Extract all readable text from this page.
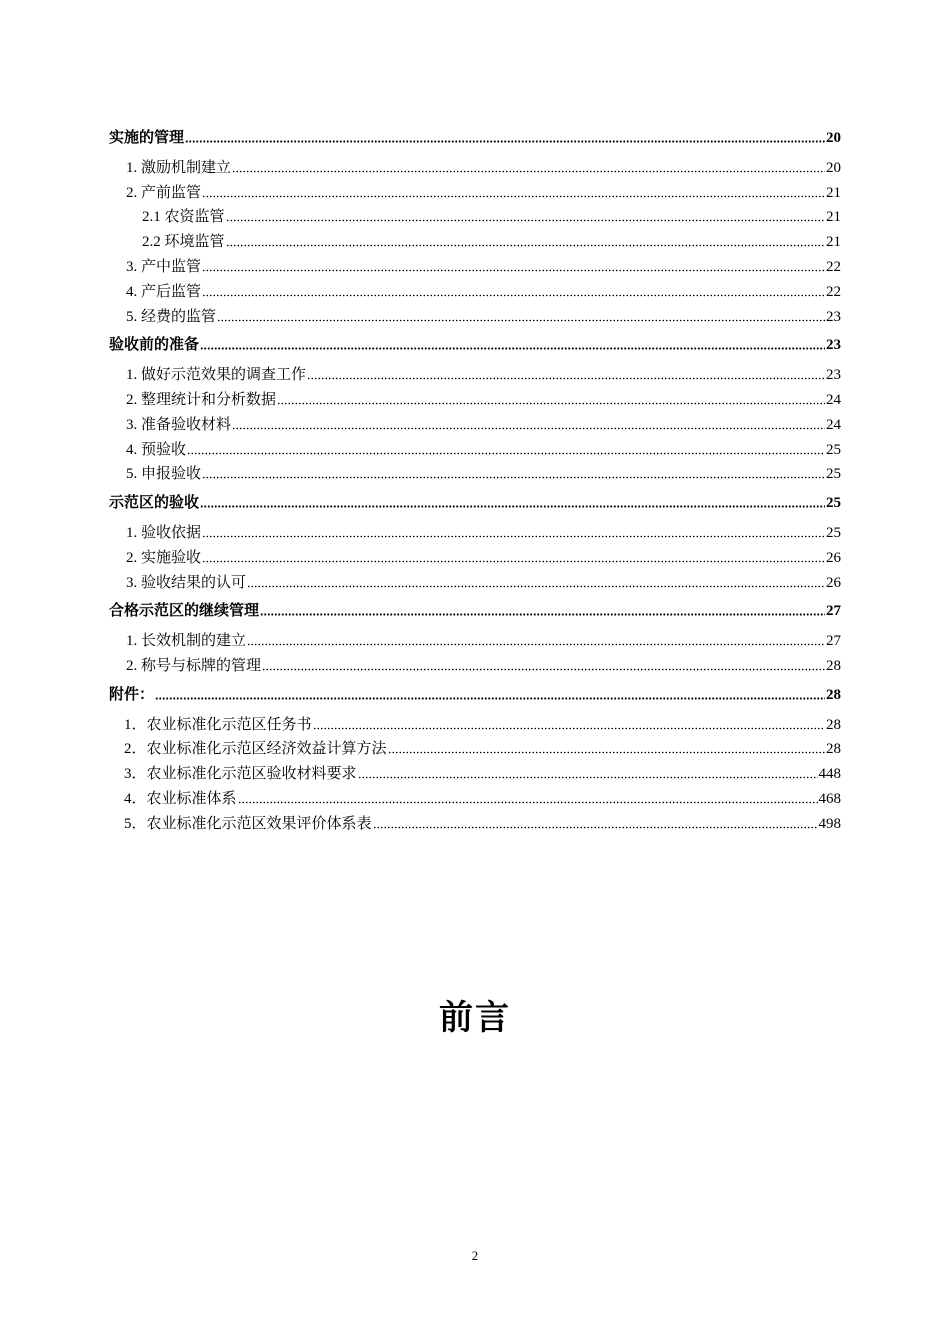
实施的管理	20
1. 激励机制建立	20
2. 产前监管	21
2.1 农资监管	21
2.2 环境监管	21
3. 产中监管	22
4. 产后监管	22
5. 经费的监管	23
验收前的准备	23
1. 做好示范效果的调查工作	23
2. 整理统计和分析数据	24
3. 准备验收材料	24
4. 预验收	25
5. 申报验收	25
示范区的验收	25
1. 验收依据	25
2. 实施验收	26
3. 验收结果的认可	26
合格示范区的继续管理	27
1. 长效机制的建立	27
2. 称号与标牌的管理	28
附件：	28
1．农业标准化示范区任务书	28
2．农业标准化示范区经济效益计算方法	28
3．农业标准化示范区验收材料要求	448
4．农业标准体系	468
5．农业标准化示范区效果评价体系表	498
前言
2
